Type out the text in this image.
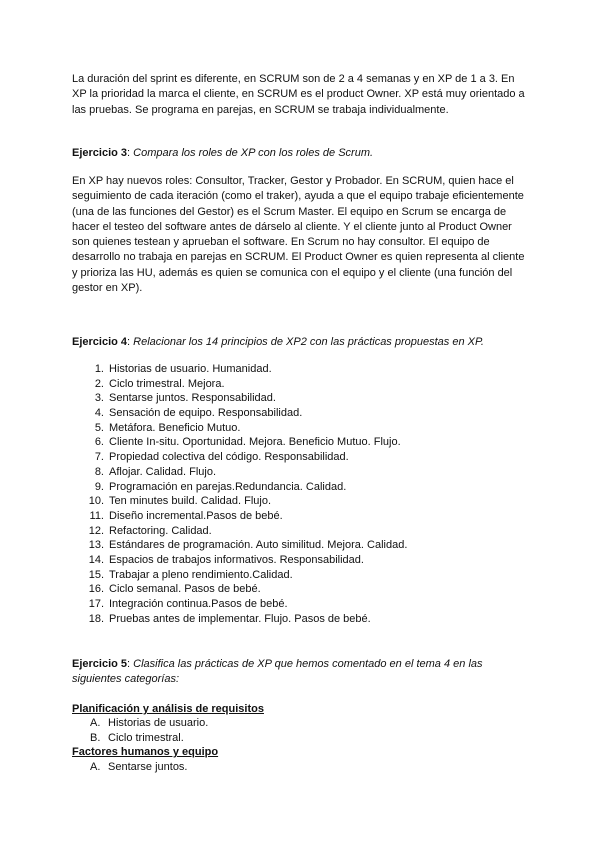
La duración del sprint es diferente, en SCRUM son de 2 a 4 semanas y en XP de 1 a 3. En XP la prioridad la marca el cliente, en SCRUM es el product Owner. XP está muy orientado a las pruebas. Se programa en parejas, en SCRUM se trabaja individualmente.

Ejercicio 3: Compara los roles de XP con los roles de Scrum.

En XP hay nuevos roles: Consultor, Tracker, Gestor y Probador. En SCRUM, quien hace el seguimiento de cada iteración (como el traker), ayuda a que el equipo trabaje eficientemente (una de las funciones del Gestor) es el Scrum Master. El equipo en Scrum se encarga de hacer el testeo del software antes de dárselo al cliente. Y el cliente junto al Product Owner son quienes testean y aprueban el software. En Scrum no hay consultor. El equipo de desarrollo no trabaja en parejas en SCRUM. El Product Owner es quien representa al cliente y prioriza las HU, además es quien se comunica con el equipo y el cliente (una función del gestor en XP).

Ejercicio 4: Relacionar los 14 principios de XP2 con las prácticas propuestas en XP.

1. Historias de usuario. Humanidad.
2. Ciclo trimestral. Mejora.
3. Sentarse juntos. Responsabilidad.
4. Sensación de equipo. Responsabilidad.
5. Metáfora. Beneficio Mutuo.
6. Cliente In-situ. Oportunidad. Mejora. Beneficio Mutuo. Flujo.
7. Propiedad colectiva del código. Responsabilidad.
8. Aflojar. Calidad. Flujo.
9. Programación en parejas.Redundancia. Calidad.
10. Ten minutes build. Calidad. Flujo.
11. Diseño incremental.Pasos de bebé.
12. Refactoring. Calidad.
13. Estándares de programación. Auto similitud. Mejora. Calidad.
14. Espacios de trabajos informativos. Responsabilidad.
15. Trabajar a pleno rendimiento.Calidad.
16. Ciclo semanal. Pasos de bebé.
17. Integración continua.Pasos de bebé.
18. Pruebas antes de implementar. Flujo. Pasos de bebé.

Ejercicio 5: Clasifica las prácticas de XP que hemos comentado en el tema 4 en las siguientes categorías:

Planificación y análisis de requisitos
A. Historias de usuario.
B. Ciclo trimestral.
Factores humanos y equipo
A. Sentarse juntos.
